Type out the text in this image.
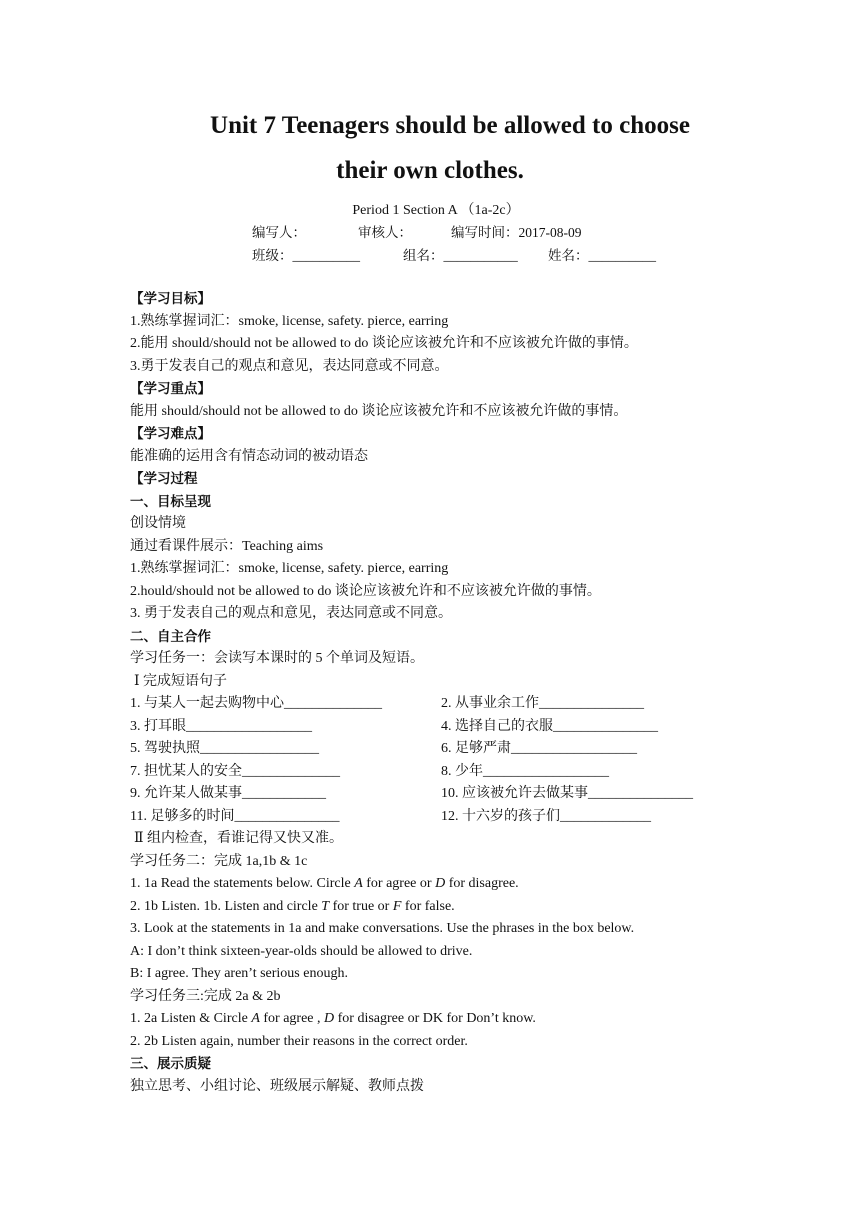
Unit 7 Teenagers should be allowed to choose
their own clothes.
Period 1 Section A （1a-2c）
编写人：	审核人：	编写时间：2017-08-09
班级：__________	组名：___________ 姓名：__________
【学习目标】
1.熟练掌握词汇：smoke, license, safety. pierce, earring
2.能用 should/should not be allowed to do 谈论应该被允许和不应该被允许做的事情。
3.勇于发表自己的观点和意见，表达同意或不同意。
【学习重点】
能用 should/should not be allowed to do 谈论应该被允许和不应该被允许做的事情。
【学习难点】
能准确的运用含有情态动词的被动语态
【学习过程
一、目标呈现
创设情境
通过看课件展示：Teaching aims
1.熟练掌握词汇：smoke, license, safety. pierce, earring
2.hould/should not be allowed to do 谈论应该被允许和不应该被允许做的事情。
3. 勇于发表自己的观点和意见，表达同意或不同意。
二、自主合作
学习任务一：会读写本课时的 5 个单词及短语。
Ⅰ 完成短语句子
1. 与某人一起去购物中心______________	2. 从事业余工作_______________
3. 打耳眼__________________	4. 选择自己的衣服_______________
5. 驾驶执照_________________	6. 足够严肃__________________
7. 担忧某人的安全______________	8. 少年__________________
9. 允许某人做某事____________	10. 应该被允许去做某事_______________
11. 足够多的时间_______________	12. 十六岁的孩子们_____________
Ⅱ 组内检查，看谁记得又快又准。
学习任务二：完成 1a,1b & 1c
1. 1a Read the statements below. Circle A for agree or D for disagree.
2. 1b Listen. 1b. Listen and circle T for true or F for false.
3. Look at the statements in 1a and make conversations. Use the phrases in the box below.
A: I don’t think sixteen-year-olds should be allowed to drive.
B: I agree. They aren’t serious enough.
学习任务三:完成 2a & 2b
1. 2a Listen & Circle A for agree , D for disagree or DK for Don’t know.
2. 2b Listen again, number their reasons in the correct order.
三、展示质疑
独立思考、小组讨论、班级展示解疑、教师点拨
